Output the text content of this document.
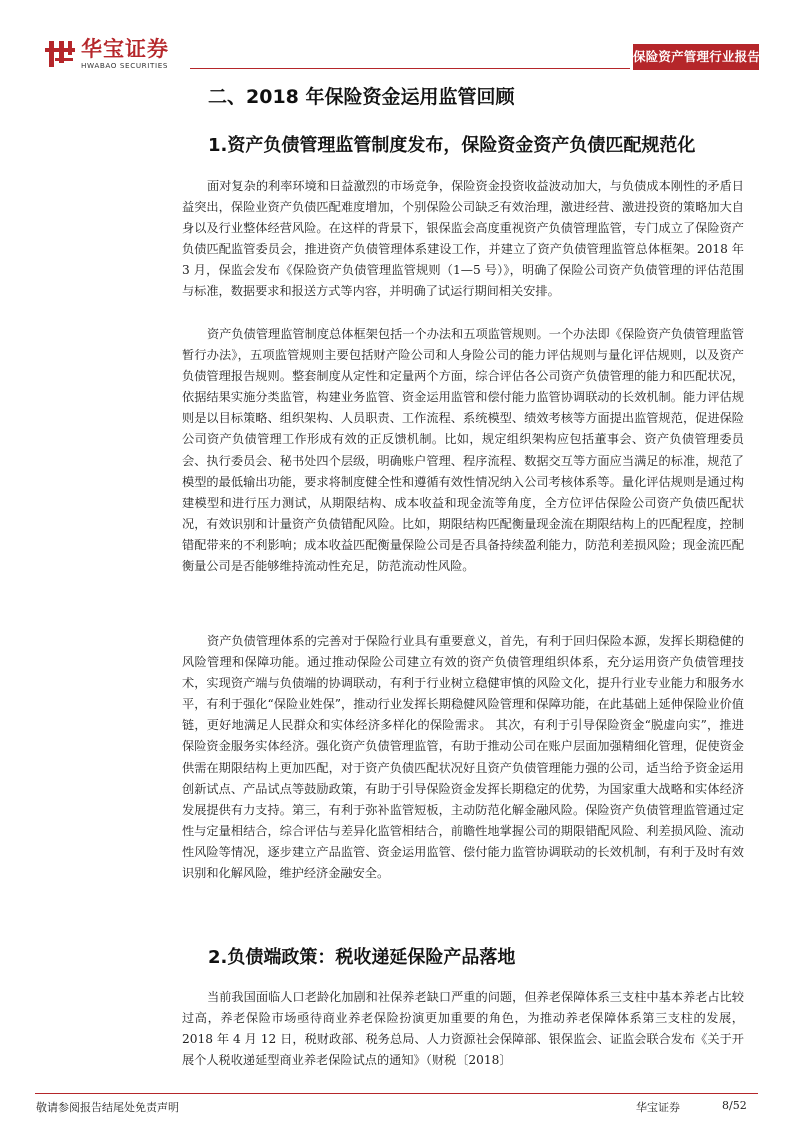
华宝证券
HWABAO SECURITIES
保险资产管理行业报告
二、2018 年保险资金运用监管回顾
1.资产负债管理监管制度发布，保险资金资产负债匹配规范化

面对复杂的利率环境和日益激烈的市场竞争，保险资金投资收益波动加大，与负债成本刚性的矛盾日益突出，保险业资产负债匹配难度增加，个别保险公司缺乏有效治理，激进经营、激进投资的策略加大自身以及行业整体经营风险。在这样的背景下，银保监会高度重视资产负债管理监管，专门成立了保险资产负债匹配监管委员会，推进资产负债管理体系建设工作，并建立了资产负债管理监管总体框架。2018 年 3 月，保监会发布《保险资产负债管理监管规则（1—5 号）》，明确了保险公司资产负债管理的评估范围与标准，数据要求和报送方式等内容，并明确了试运行期间相关安排。

资产负债管理监管制度总体框架包括一个办法和五项监管规则。一个办法即《保险资产负债管理监管暂行办法》，五项监管规则主要包括财产险公司和人身险公司的能力评估规则与量化评估规则，以及资产负债管理报告规则。整套制度从定性和定量两个方面，综合评估各公司资产负债管理的能力和匹配状况，依据结果实施分类监管，构建业务监管、资金运用监管和偿付能力监管协调联动的长效机制。能力评估规则是以目标策略、组织架构、人员职责、工作流程、系统模型、绩效考核等方面提出监管规范，促进保险公司资产负债管理工作形成有效的正反馈机制。比如，规定组织架构应包括董事会、资产负债管理委员会、执行委员会、秘书处四个层级，明确账户管理、程序流程、数据交互等方面应当满足的标准，规范了模型的最低输出功能，要求将制度健全性和遵循有效性情况纳入公司考核体系等。量化评估规则是通过构建模型和进行压力测试，从期限结构、成本收益和现金流等角度，全方位评估保险公司资产负债匹配状况，有效识别和计量资产负债错配风险。比如，期限结构匹配衡量现金流在期限结构上的匹配程度，控制错配带来的不利影响；成本收益匹配衡量保险公司是否具备持续盈利能力，防范利差损风险；现金流匹配衡量公司是否能够维持流动性充足，防范流动性风险。

资产负债管理体系的完善对于保险行业具有重要意义，首先，有利于回归保险本源，发挥长期稳健的风险管理和保障功能。通过推动保险公司建立有效的资产负债管理组织体系，充分运用资产负债管理技术，实现资产端与负债端的协调联动，有利于行业树立稳健审慎的风险文化，提升行业专业能力和服务水平，有利于强化“保险业姓保”，推动行业发挥长期稳健风险管理和保障功能，在此基础上延伸保险业价值链，更好地满足人民群众和实体经济多样化的保险需求。 其次，有利于引导保险资金“脱虚向实”，推进保险资金服务实体经济。强化资产负债管理监管，有助于推动公司在账户层面加强精细化管理，促使资金供需在期限结构上更加匹配，对于资产负债匹配状况好且资产负债管理能力强的公司，适当给予资金运用创新试点、产品试点等鼓励政策，有助于引导保险资金发挥长期稳定的优势，为国家重大战略和实体经济发展提供有力支持。第三，有利于弥补监管短板，主动防范化解金融风险。保险资产负债管理监管通过定性与定量相结合，综合评估与差异化监管相结合，前瞻性地掌握公司的期限错配风险、利差损风险、流动性风险等情况，逐步建立产品监管、资金运用监管、偿付能力监管协调联动的长效机制，有利于及时有效识别和化解风险，维护经济金融安全。

2.负债端政策：税收递延保险产品落地

当前我国面临人口老龄化加剧和社保养老缺口严重的问题，但养老保障体系三支柱中基本养老占比较过高，养老保险市场亟待商业养老保险扮演更加重要的角色，为推动养老保障体系第三支柱的发展，2018 年 4 月 12 日，税财政部、税务总局、人力资源社会保障部、银保监会、证监会联合发布《关于开展个人税收递延型商业养老保险试点的通知》（财税〔2018〕

敬请参阅报告结尾处免责声明	华宝证券	8/52
